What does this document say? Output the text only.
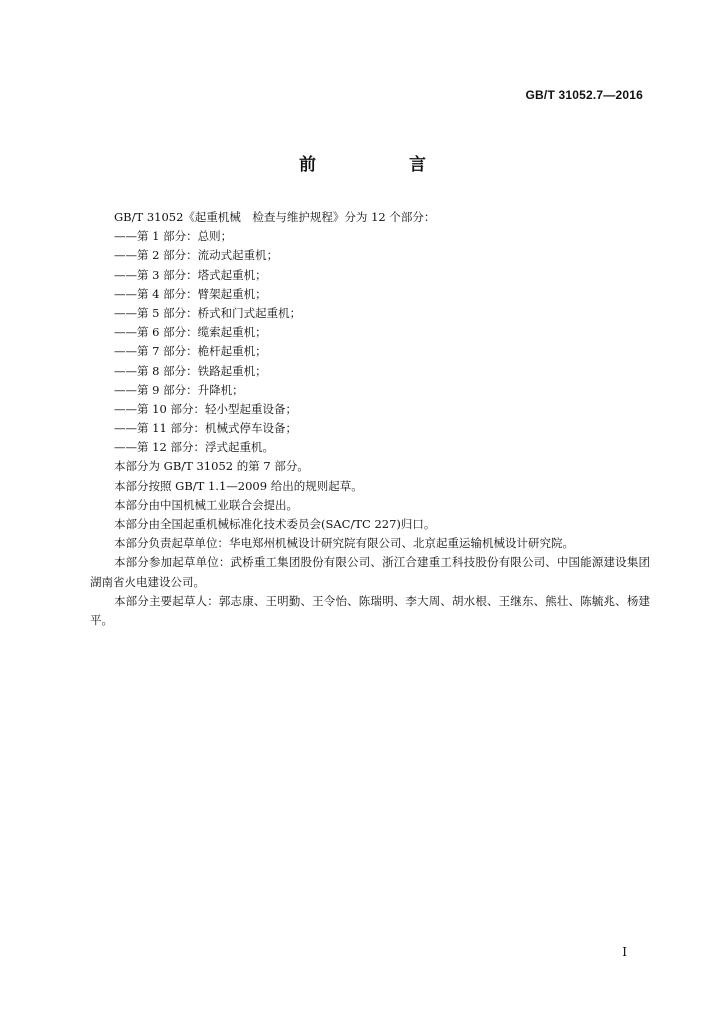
GB/T 31052.7—2016
前　言
GB/T 31052《起重机械　检查与维护规程》分为 12 个部分：
——第 1 部分：总则；
——第 2 部分：流动式起重机；
——第 3 部分：塔式起重机；
——第 4 部分：臂架起重机；
——第 5 部分：桥式和门式起重机；
——第 6 部分：缆索起重机；
——第 7 部分：桅杆起重机；
——第 8 部分：铁路起重机；
——第 9 部分：升降机；
——第 10 部分：轻小型起重设备；
——第 11 部分：机械式停车设备；
——第 12 部分：浮式起重机。
本部分为 GB/T 31052 的第 7 部分。
本部分按照 GB/T 1.1—2009 给出的规则起草。
本部分由中国机械工业联合会提出。
本部分由全国起重机械标准化技术委员会(SAC/TC 227)归口。
本部分负责起草单位：华电郑州机械设计研究院有限公司、北京起重运输机械设计研究院。
本部分参加起草单位：武桥重工集团股份有限公司、浙江合建重工科技股份有限公司、中国能源建设集团湖南省火电建设公司。
本部分主要起草人：郭志康、王明勤、王令怡、陈瑞明、李大周、胡水根、王继东、熊壮、陈毓兆、杨建平。
I
